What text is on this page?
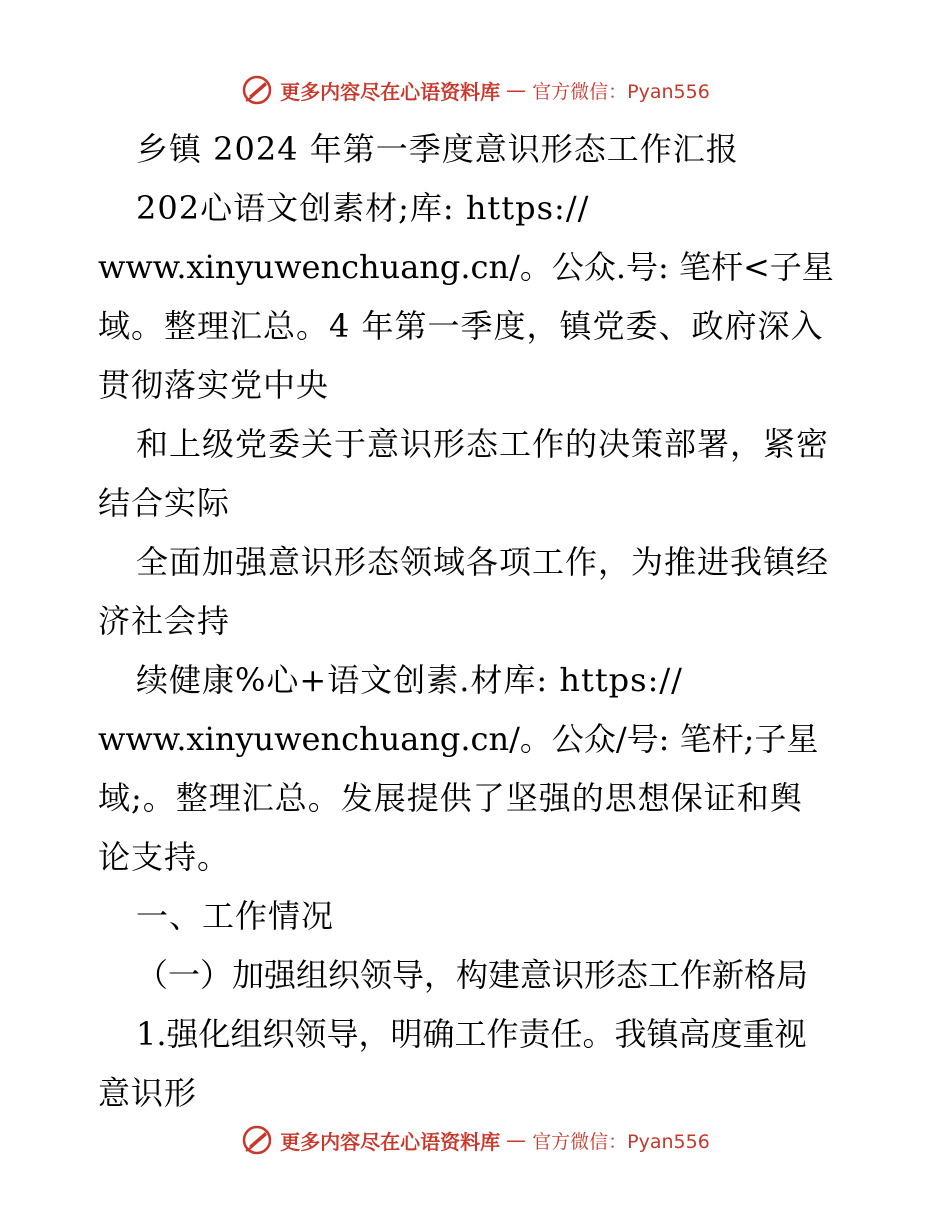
更多内容尽在心语资料库 — 官方微信：Pyan556
乡镇 2024 年第一季度意识形态工作汇报
202心语文创素材;库: https://
www.xinyuwenchuang.cn/。公众.号: 笔杆<子星
域。整理汇总。4 年第一季度，镇党委、政府深入
贯彻落实党中央
和上级党委关于意识形态工作的决策部署，紧密
结合实际
全面加强意识形态领域各项工作，为推进我镇经
济社会持
续健康%心+语文创素.材库: https://
www.xinyuwenchuang.cn/。公众/号: 笔杆;子星
域;。整理汇总。发展提供了坚强的思想保证和舆
论支持。
一、工作情况
（一）加强组织领导，构建意识形态工作新格局
1.强化组织领导，明确工作责任。我镇高度重视
意识形
更多内容尽在心语资料库 — 官方微信：Pyan556
